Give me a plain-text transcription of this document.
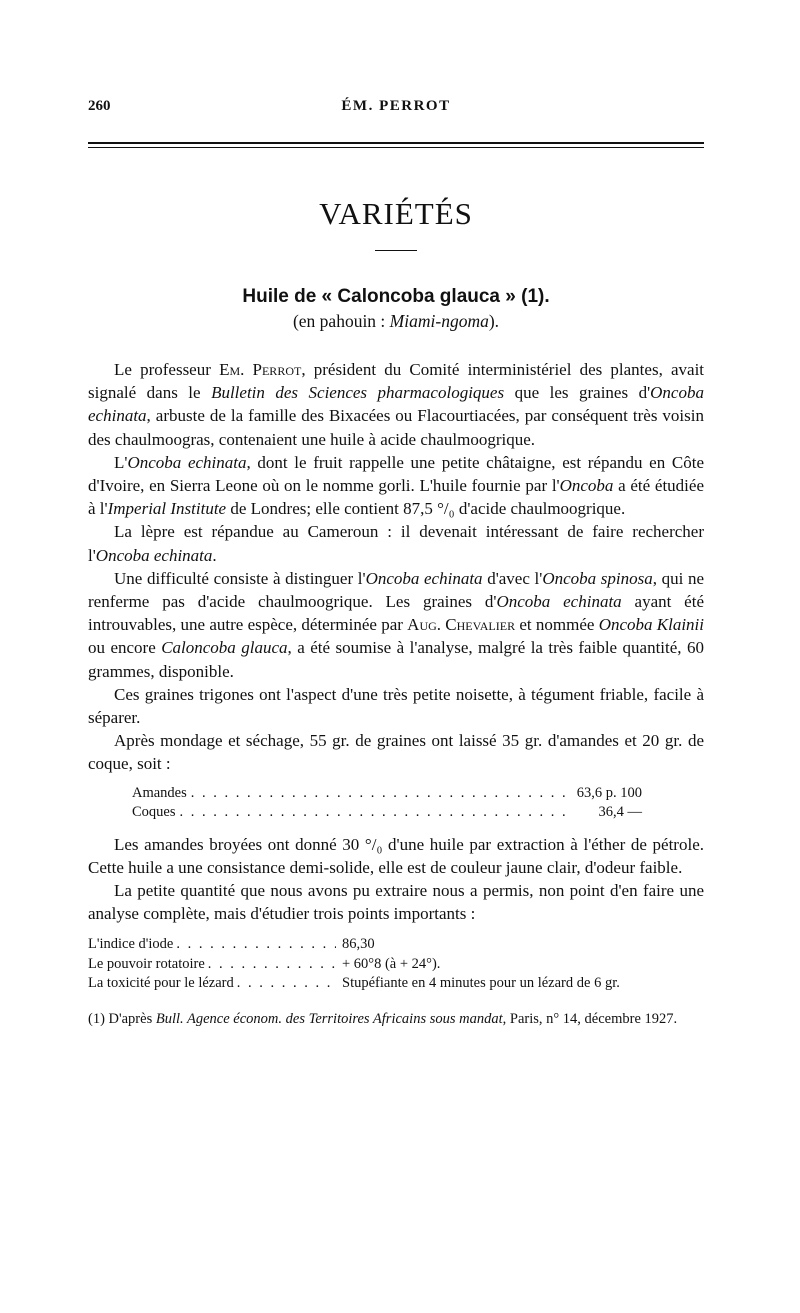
260	ÉM. PERROT
VARIÉTÉS
Huile de « Caloncoba glauca » (1).
(en pahouin : Miami-ngoma).

Le professeur Em. Perrot, président du Comité interministériel des plantes, avait signalé dans le Bulletin des Sciences pharmacologiques que les graines d'Oncoba echinata, arbuste de la famille des Bixacées ou Flacourtiacées, par conséquent très voisin des chaulmoogras, contenaient une huile à acide chaulmoogrique.

L'Oncoba echinata, dont le fruit rappelle une petite châtaigne, est répandu en Côte d'Ivoire, en Sierra Leone où on le nomme gorli. L'huile fournie par l'Oncoba a été étudiée à l'Imperial Institute de Londres; elle contient 87,5 °/₀ d'acide chaulmoogrique.

La lèpre est répandue au Cameroun : il devenait intéressant de faire rechercher l'Oncoba echinata.

Une difficulté consiste à distinguer l'Oncoba echinata d'avec l'Oncoba spinosa, qui ne renferme pas d'acide chaulmoogrique. Les graines d'Oncoba echinata ayant été introuvables, une autre espèce, déterminée par Aug. Chevalier et nommée Oncoba Klainii ou encore Caloncoba glauca, a été soumise à l'analyse, malgré la très faible quantité, 60 grammes, disponible.

Ces graines trigones ont l'aspect d'une très petite noisette, à tégument friable, facile à séparer.

Après mondage et séchage, 55 gr. de graines ont laissé 35 gr. d'amandes et 20 gr. de coque, soit :

Amandes . . .	63,6 p. 100
Coques . . .	36,4 —

Les amandes broyées ont donné 30 °/₀ d'une huile par extraction à l'éther de pétrole. Cette huile a une consistance demi-solide, elle est de couleur jaune clair, d'odeur faible.

La petite quantité que nous avons pu extraire nous a permis, non point d'en faire une analyse complète, mais d'étudier trois points importants :

L'indice d'iode . . .	86,30
Le pouvoir rotatoire . . .	+ 60°8 (à + 24°).
La toxicité pour le lézard . . .	Stupéfiante en 4 minutes pour un lézard de 6 gr.
(1) D'après Bull. Agence économ. des Territoires Africains sous mandat, Paris, n° 14, décembre 1927.
